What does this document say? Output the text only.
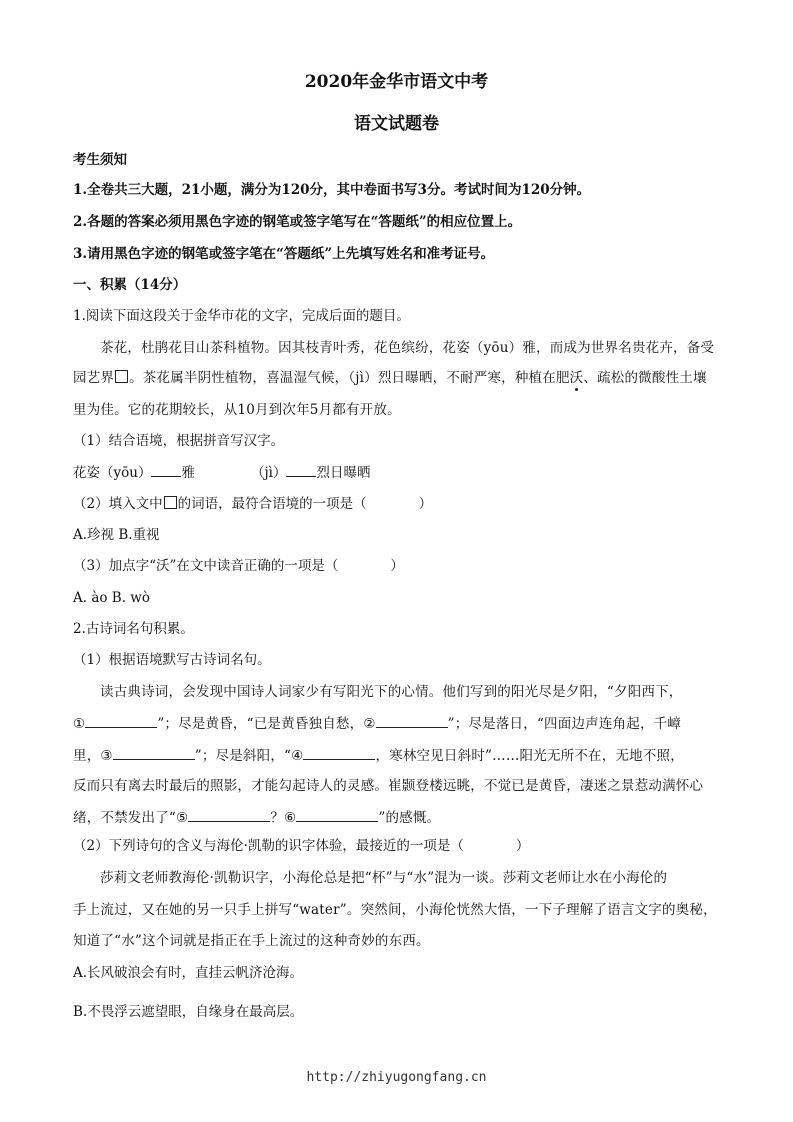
2020年金华市语文中考
语文试题卷
考生须知
1.全卷共三大题，21小题，满分为120分，其中卷面书写3分。考试时间为120分钟。
2.各题的答案必须用黑色字迹的钢笔或签字笔写在“答题纸”的相应位置上。
3.请用黑色字迹的钢笔或签字笔在“答题纸”上先填写姓名和准考证号。
一、积累（14分）
1.阅读下面这段关于金华市花的文字，完成后面的题目。
茶花，杜鹃花目山茶科植物。因其枝青叶秀，花色缤纷，花姿（yōu）雅，而成为世界名贵花卉，备受
园艺界 。茶花属半阴性植物，喜温湿气候，（jì）烈日曝晒，不耐严寒，种植在肥沃、疏松的微酸性土壤
里为佳。它的花期较长，从10月到次年5月都有开放。
（1）结合语境，根据拼音写汉字。
花姿（yōu） 雅	（jì） 烈日曝晒
（2）填入文中 的词语，最符合语境的一项是（	）
A.珍视 B.重视
（3）加点字“沃”在文中读音正确的一项是（	）
A. ào B. wò
2.古诗词名句积累。
（1）根据语境默写古诗词名句。
读古典诗词，会发现中国诗人词家少有写阳光下的心情。他们写到的阳光尽是夕阳，“夕阳西下，
①	”；尽是黄昏，“已是黄昏独自愁，②	”；尽是落日，“四面边声连角起，千嶂
里，③	”；尽是斜阳，“④	，寒林空见日斜时”……阳光无所不在，无地不照，
反而只有离去时最后的照影，才能勾起诗人的灵感。崔颢登楼远眺，不觉已是黄昏，凄迷之景惹动满怀心
绪，不禁发出了“⑤	？⑥	”的感慨。
（2）下列诗句的含义与海伦·凯勒的识字体验，最接近的一项是（	）
莎莉文老师教海伦·凯勒识字，小海伦总是把“杯”与“水”混为一谈。莎莉文老师让水在小海伦的
手上流过，又在她的另一只手上拼写“water”。突然间，小海伦恍然大悟，一下子理解了语言文字的奥秘，
知道了“水”这个词就是指正在手上流过的这种奇妙的东西。
A.长风破浪会有时，直挂云帆济沧海。
B.不畏浮云遮望眼，自缘身在最高层。
http://zhiyugongfang.cn
